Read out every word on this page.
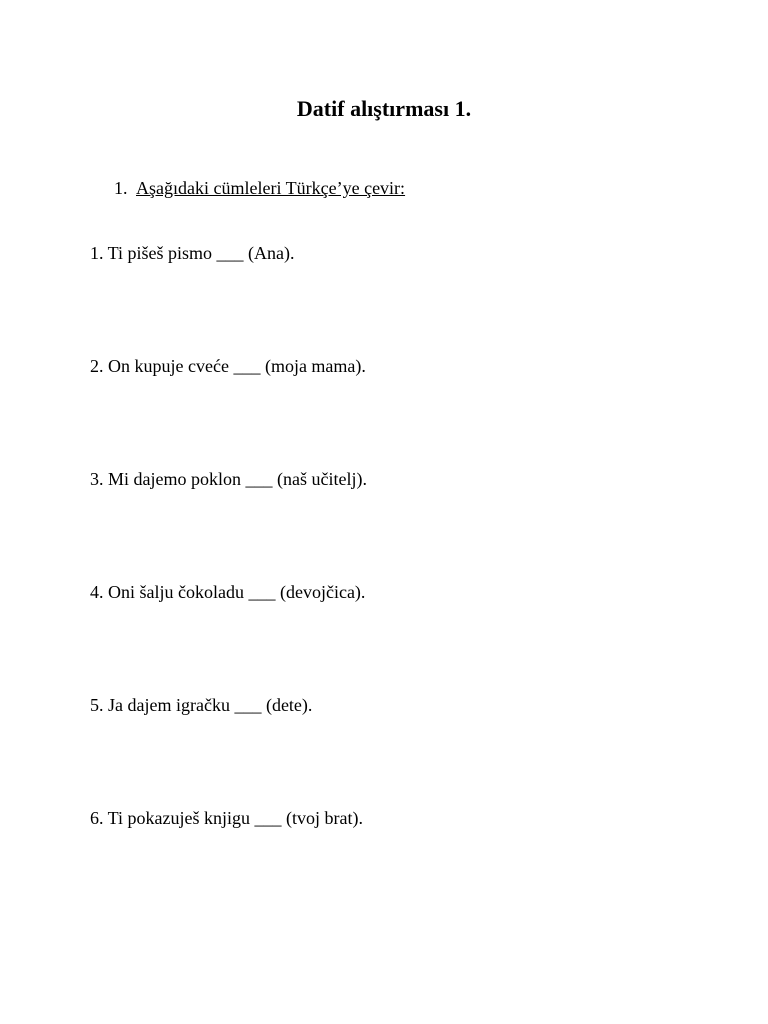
Datif alıştırması 1.
1. Aşağıdaki cümleleri Türkçe’ye çevir:
1. Ti pišeš pismo ___ (Ana).
2. On kupuje cveće ___ (moja mama).
3. Mi dajemo poklon ___ (naš učitelj).
4. Oni šalju čokoladu ___ (devojčica).
5. Ja dajem igračku ___ (dete).
6. Ti pokazuješ knjigu ___ (tvoj brat).
